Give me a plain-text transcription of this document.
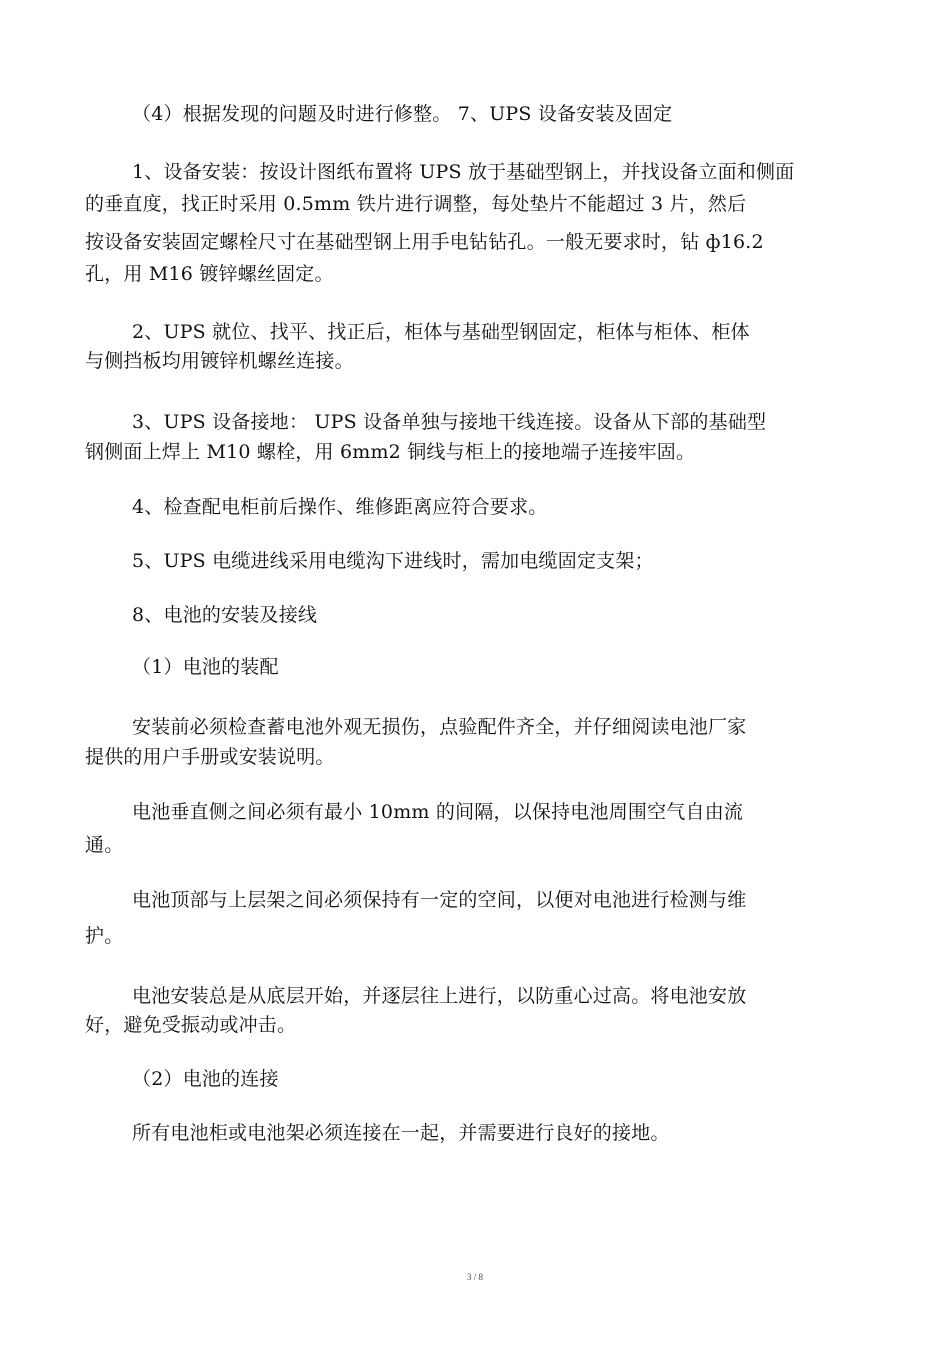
（4）根据发现的问题及时进行修整。 7、UPS 设备安装及固定
1、设备安装：按设计图纸布置将 UPS 放于基础型钢上，并找设备立面和侧面
的垂直度，找正时采用 0.5mm 铁片进行调整，每处垫片不能超过 3 片，然后
按设备安装固定螺栓尺寸在基础型钢上用手电钻钻孔。一般无要求时，钻 ф16.2
孔，用 M16 镀锌螺丝固定。
2、UPS 就位、找平、找正后，柜体与基础型钢固定，柜体与柜体、柜体
与侧挡板均用镀锌机螺丝连接。
3、UPS 设备接地： UPS 设备单独与接地干线连接。设备从下部的基础型
钢侧面上焊上 M10 螺栓，用 6mm2 铜线与柜上的接地端子连接牢固。
4、检查配电柜前后操作、维修距离应符合要求。
5、UPS 电缆进线采用电缆沟下进线时，需加电缆固定支架；
8、电池的安装及接线
（1）电池的装配
安装前必须检查蓄电池外观无损伤，点验配件齐全，并仔细阅读电池厂家
提供的用户手册或安装说明。
电池垂直侧之间必须有最小 10mm 的间隔，以保持电池周围空气自由流
通。
电池顶部与上层架之间必须保持有一定的空间，以便对电池进行检测与维
护。
电池安装总是从底层开始，并逐层往上进行，以防重心过高。将电池安放
好，避免受振动或冲击。
（2）电池的连接
所有电池柜或电池架必须连接在一起，并需要进行良好的接地。
3 / 8
